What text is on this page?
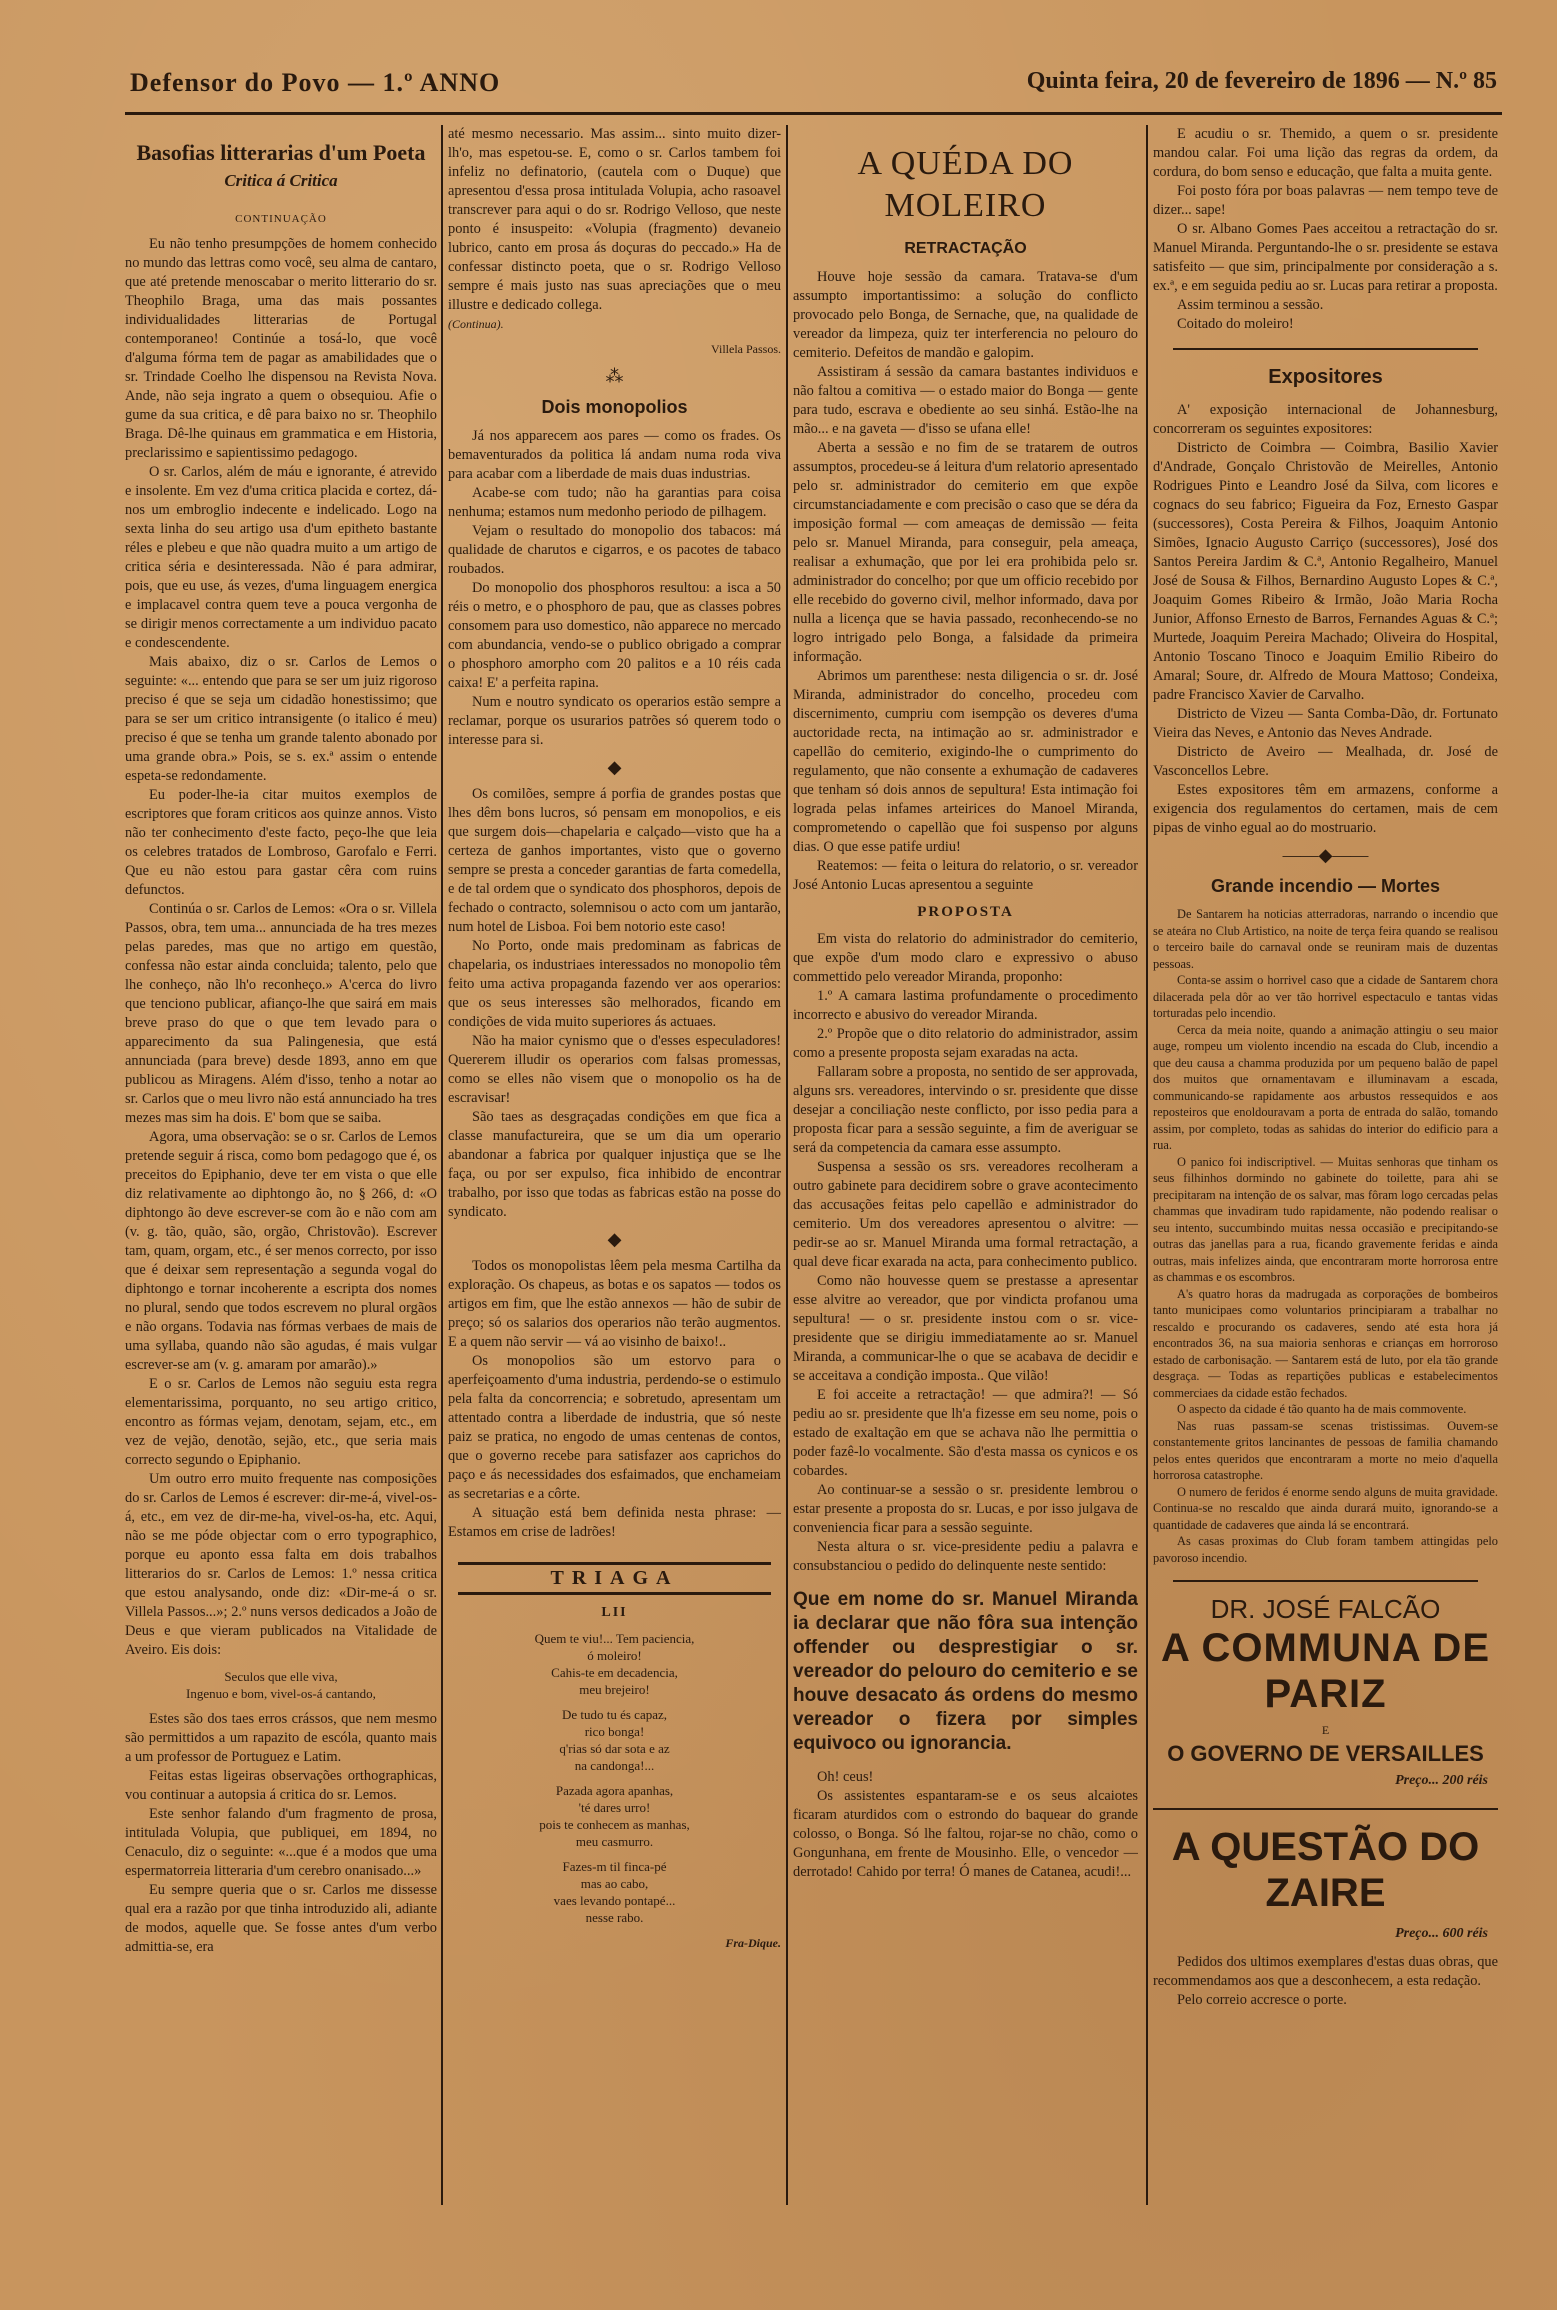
Defensor do Povo — 1.º ANNO	Quinta feira, 20 de fevereiro de 1896 — N.º 85
Basofias litterarias d'um Poeta
Critica á Critica
CONTINUAÇÃO

Eu não tenho presumpções de homem conhecido no mundo das lettras como você, seu alma de cantaro, que até pretende menoscabar o merito litterario do sr. Theophilo Braga, uma das mais possantes individualidades litterarias de Portugal contemporaneo! Continúe a tosá-lo, que você d'alguma fórma tem de pagar as amabilidades que o sr. Trindade Coelho lhe dispensou na Revista Nova. Ande, não seja ingrato a quem o obsequiou. Afie o gume da sua critica, e dê para baixo no sr. Theophilo Braga. Dê-lhe quinaus em grammatica e em Historia, preclarissimo e sapientissimo pedagogo.

O sr. Carlos, além de máu e ignorante, é atrevido e insolente. Em vez d'uma critica placida e cortez, dá-nos um embroglio indecente e indelicado. Logo na sexta linha do seu artigo usa d'um epitheto bastante réles e plebeu e que não quadra muito a um artigo de critica séria e desinteressada. Não é para admirar, pois, que eu use, ás vezes, d'uma linguagem energica e implacavel contra quem teve a pouca vergonha de se dirigir menos correctamente a um individuo pacato e condescendente.

Mais abaixo, diz o sr. Carlos de Lemos o seguinte: «... entendo que para se ser um juiz rigoroso preciso é que se seja um cidadão honestissimo; que para se ser um critico intransigente (o italico é meu) preciso é que se tenha um grande talento abonado por uma grande obra.» Pois, se s. ex.ª assim o entende espeta-se redondamente.

Eu poder-lhe-ia citar muitos exemplos de escriptores que foram criticos aos quinze annos. Visto não ter conhecimento d'este facto, peço-lhe que leia os celebres tratados de Lombroso, Garofalo e Ferri. Que eu não estou para gastar cêra com ruins defunctos.

Continúa o sr. Carlos de Lemos: «Ora o sr. Villela Passos, obra, tem uma... annunciada de ha tres mezes pelas paredes, mas que no artigo em questão, confessa não estar ainda concluida; talento, pelo que lhe conheço, não lh'o reconheço.» A'cerca do livro que tenciono publicar, afianço-lhe que sairá em mais breve praso do que o que tem levado para o apparecimento da sua Palingenesia, que está annunciada (para breve) desde 1893, anno em que publicou as Miragens. Além d'isso, tenho a notar ao sr. Carlos que o meu livro não está annunciado ha tres mezes mas sim ha dois. E' bom que se saiba.

Agora, uma observação: se o sr. Carlos de Lemos pretende seguir á risca, como bom pedagogo que é, os preceitos do Epiphanio, deve ter em vista o que elle diz relativamente ao diphtongo ão, no § 266, d: «O diphtongo ão deve escrever-se com ão e não com am (v. g. tão, quão, são, orgão, Christovão). Escrever tam, quam, orgam, etc., é ser menos correcto, por isso que é deixar sem representação a segunda vogal do diphtongo e tornar incoherente a escripta dos nomes no plural, sendo que todos escrevem no plural orgãos e não organs. Todavia nas fórmas verbaes de mais de uma syllaba, quando não são agudas, é mais vulgar escrever-se am (v. g. amaram por amarão).»

E o sr. Carlos de Lemos não seguiu esta regra elementarissima, porquanto, no seu artigo critico, encontro as fórmas vejam, denotam, sejam, etc., em vez de vejão, denotão, sejão, etc., que seria mais correcto segundo o Epiphanio.

Um outro erro muito frequente nas composições do sr. Carlos de Lemos é escrever: dir-me-á, vivel-os-á, etc., em vez de dir-me-ha, vivel-os-ha, etc. Aqui, não se me póde objectar com o erro typographico, porque eu aponto essa falta em dois trabalhos litterarios do sr. Carlos de Lemos: 1.º nessa critica que estou analysando, onde diz: «Dir-me-á o sr. Villela Passos...»; 2.º nuns versos dedicados a João de Deus e que vieram publicados na Vitalidade de Aveiro. Eis dois:

Seculos que elle viva,
Ingenuo e bom, vivel-os-á cantando,

Estes são dos taes erros crássos, que nem mesmo são permittidos a um rapazito de escóla, quanto mais a um professor de Portuguez e Latim.

Feitas estas ligeiras observações orthographicas, vou continuar a autopsia á critica do sr. Lemos.

Este senhor falando d'um fragmento de prosa, intitulada Volupia, que publiquei, em 1894, no Cenaculo, diz o seguinte: «...que é a modos que uma espermatorreia litteraria d'um cerebro onanisado...»

Eu sempre queria que o sr. Carlos me dissesse qual era a razão por que tinha introduzido ali, adiante de modos, aquelle que. Se fosse antes d'um verbo admittia-se, era

até mesmo necessario. Mas assim... sinto muito dizer-lh'o, mas espetou-se. E, como o sr. Carlos tambem foi infeliz no definatorio, (cautela com o Duque) que apresentou d'essa prosa intitulada Volupia, acho rasoavel transcrever para aqui o do sr. Rodrigo Velloso, que neste ponto é insuspeito: «Volupia (fragmento) devaneio lubrico, canto em prosa ás doçuras do peccado.» Ha de confessar distincto poeta, que o sr. Rodrigo Velloso sempre é mais justo nas suas apreciações que o meu illustre e dedicado collega.

(Continua).
Villela Passos.
⁂
Dois monopolios

Já nos apparecem aos pares — como os frades. Os bemaventurados da politica lá andam numa roda viva para acabar com a liberdade de mais duas industrias.

Acabe-se com tudo; não ha garantias para coisa nenhuma; estamos num medonho periodo de pilhagem.

Vejam o resultado do monopolio dos tabacos: má qualidade de charutos e cigarros, e os pacotes de tabaco roubados.

Do monopolio dos phosphoros resultou: a isca a 50 réis o metro, e o phosphoro de pau, que as classes pobres consomem para uso domestico, não apparece no mercado com abundancia, vendo-se o publico obrigado a comprar o phosphoro amorpho com 20 palitos e a 10 réis cada caixa! E' a perfeita rapina.

Num e noutro syndicato os operarios estão sempre a reclamar, porque os usurarios patrões só querem todo o interesse para si.

◆

Os comilões, sempre á porfia de grandes postas que lhes dêm bons lucros, só pensam em monopolios, e eis que surgem dois—chapelaria e calçado—visto que ha a certeza de ganhos importantes, visto que o governo sempre se presta a conceder garantias de farta comedella, e de tal ordem que o syndicato dos phosphoros, depois de fechado o contracto, solemnisou o acto com um jantarão, num hotel de Lisboa. Foi bem notorio este caso!

No Porto, onde mais predominam as fabricas de chapelaria, os industriaes interessados no monopolio têm feito uma activa propaganda fazendo ver aos operarios: que os seus interesses são melhorados, ficando em condições de vida muito superiores ás actuaes.

Não ha maior cynismo que o d'esses especuladores! Quererem illudir os operarios com falsas promessas, como se elles não visem que o monopolio os ha de escravisar!

São taes as desgraçadas condições em que fica a classe manufactureira, que se um dia um operario abandonar a fabrica por qualquer injustiça que se lhe faça, ou por ser expulso, fica inhibido de encontrar trabalho, por isso que todas as fabricas estão na posse do syndicato.

◆

Todos os monopolistas lêem pela mesma Cartilha da exploração. Os chapeus, as botas e os sapatos — todos os artigos em fim, que lhe estão annexos — hão de subir de preço; só os salarios dos operarios não terão augmentos. E a quem não servir — vá ao visinho de baixo!..

Os monopolios são um estorvo para o aperfeiçoamento d'uma industria, perdendo-se o estimulo pela falta da concorrencia; e sobretudo, apresentam um attentado contra a liberdade de industria, que só neste paiz se pratica, no engodo de umas centenas de contos, que o governo recebe para satisfazer aos caprichos do paço e ás necessidades dos esfaimados, que enchameiam as secretarias e a côrte.

A situação está bem definida nesta phrase: — Estamos em crise de ladrões!

TRIAGA
LII
Quem te viu!... Tem paciencia,
ó moleiro!
Cahis-te em decadencia,
meu brejeiro!
De tudo tu és capaz,
rico bonga!
q'rias só dar sota e az
na candonga!...
Pazada agora apanhas,
'té dares urro!
pois te conhecem as manhas,
meu casmurro.
Fazes-m til finca-pé
mas ao cabo,
vaes levando pontapé...
nesse rabo.
Fra-Dique.
A QUÉDA DO MOLEIRO
RETRACTAÇÃO

Houve hoje sessão da camara. Tratava-se d'um assumpto importantissimo: a solução do conflicto provocado pelo Bonga, de Sernache, que, na qualidade de vereador da limpeza, quiz ter interferencia no pelouro do cemiterio. Defeitos de mandão e galopim.

Assistiram á sessão da camara bastantes individuos e não faltou a comitiva — o estado maior do Bonga — gente para tudo, escrava e obediente ao seu sinhá. Estão-lhe na mão... e na gaveta — d'isso se ufana elle!

Aberta a sessão e no fim de se tratarem de outros assumptos, procedeu-se á leitura d'um relatorio apresentado pelo sr. administrador do cemiterio em que expõe circumstanciadamente e com precisão o caso que se déra da imposição formal — com ameaças de demissão — feita pelo sr. Manuel Miranda, para conseguir, pela ameaça, realisar a exhumação, que por lei era prohibida pelo sr. administrador do concelho; por que um officio recebido por elle recebido do governo civil, melhor informado, dava por nulla a licença que se havia passado, reconhecendo-se no logro intrigado pelo Bonga, a falsidade da primeira informação.

Abrimos um parenthese: nesta diligencia o sr. dr. José Miranda, administrador do concelho, procedeu com discernimento, cumpriu com isempção os deveres d'uma auctoridade recta, na intimação ao sr. administrador e capellão do cemiterio, exigindo-lhe o cumprimento do regulamento, que não consente a exhumação de cadaveres que tenham só dois annos de sepultura! Esta intimação foi lograda pelas infames arteirices do Manoel Miranda, comprometendo o capellão que foi suspenso por alguns dias. O que esse patife urdiu!

Reatemos: — feita o leitura do relatorio, o sr. vereador José Antonio Lucas apresentou a seguinte

PROPOSTA

Em vista do relatorio do administrador do cemiterio, que expõe d'um modo claro e expressivo o abuso commettido pelo vereador Miranda, proponho:

1.º A camara lastima profundamente o procedimento incorrecto e abusivo do vereador Miranda.

2.º Propõe que o dito relatorio do administrador, assim como a presente proposta sejam exaradas na acta.

Fallaram sobre a proposta, no sentido de ser approvada, alguns srs. vereadores, intervindo o sr. presidente que disse desejar a conciliação neste conflicto, por isso pedia para a proposta ficar para a sessão seguinte, a fim de averiguar se será da competencia da camara esse assumpto.

Suspensa a sessão os srs. vereadores recolheram a outro gabinete para decidirem sobre o grave acontecimento das accusações feitas pelo capellão e administrador do cemiterio. Um dos vereadores apresentou o alvitre: — pedir-se ao sr. Manuel Miranda uma formal retractação, a qual deve ficar exarada na acta, para conhecimento publico.

Como não houvesse quem se prestasse a apresentar esse alvitre ao vereador, que por vindicta profanou uma sepultura! — o sr. presidente instou com o sr. vice-presidente que se dirigiu immediatamente ao sr. Manuel Miranda, a communicar-lhe o que se acabava de decidir e se acceitava a condição imposta.. Que vilão!

E foi acceite a retractação! — que admira?! — Só pediu ao sr. presidente que lh'a fizesse em seu nome, pois o estado de exaltação em que se achava não lhe permittia o poder fazê-lo vocalmente. São d'esta massa os cynicos e os cobardes.

Ao continuar-se a sessão o sr. presidente lembrou o estar presente a proposta do sr. Lucas, e por isso julgava de conveniencia ficar para a sessão seguinte.

Nesta altura o sr. vice-presidente pediu a palavra e consubstanciou o pedido do delinquente neste sentido:

Que em nome do sr. Manuel Miranda ia declarar que não fôra sua intenção offender ou desprestigiar o sr. vereador do pelouro do cemiterio e se houve desacato ás ordens do mesmo vereador o fizera por simples equivoco ou ignorancia.

Oh! ceus!

Os assistentes espantaram-se e os seus alcaiotes ficaram aturdidos com o estrondo do baquear do grande colosso, o Bonga. Só lhe faltou, rojar-se no chão, como o Gongunhana, em frente de Mousinho. Elle, o vencedor — derrotado! Cahido por terra! Ó manes de Catanea, acudi!...

E acudiu o sr. Themido, a quem o sr. presidente mandou calar. Foi uma lição das regras da ordem, da cordura, do bom senso e educação, que falta a muita gente.

Foi posto fóra por boas palavras — nem tempo teve de dizer... sape!

O sr. Albano Gomes Paes acceitou a retractação do sr. Manuel Miranda. Perguntando-lhe o sr. presidente se estava satisfeito — que sim, principalmente por consideração a s. ex.ª, e em seguida pediu ao sr. Lucas para retirar a proposta.

Assim terminou a sessão.

Coitado do moleiro!

Expositores

A' exposição internacional de Johannesburg, concorreram os seguintes expositores:

Districto de Coimbra — Coimbra, Basilio Xavier d'Andrade, Gonçalo Christovão de Meirelles, Antonio Rodrigues Pinto e Leandro José da Silva, com licores e cognacs do seu fabrico; Figueira da Foz, Ernesto Gaspar (successores), Costa Pereira & Filhos, Joaquim Antonio Simões, Ignacio Augusto Carriço (successores), José dos Santos Pereira Jardim & C.ª, Antonio Regalheiro, Manuel José de Sousa & Filhos, Bernardino Augusto Lopes & C.ª, Joaquim Gomes Ribeiro & Irmão, João Maria Rocha Junior, Affonso Ernesto de Barros, Fernandes Aguas & C.ª; Murtede, Joaquim Pereira Machado; Oliveira do Hospital, Antonio Toscano Tinoco e Joaquim Emilio Ribeiro do Amaral; Soure, dr. Alfredo de Moura Mattoso; Condeixa, padre Francisco Xavier de Carvalho.

Districto de Vizeu — Santa Comba-Dão, dr. Fortunato Vieira das Neves, e Antonio das Neves Andrade.

Districto de Aveiro — Mealhada, dr. José de Vasconcellos Lebre.

Estes expositores têm em armazens, conforme a exigencia dos regulamentos do certamen, mais de cem pipas de vinho egual ao do mostruario.

——◆——
Grande incendio — Mortes

De Santarem ha noticias atterradoras, narrando o incendio que se ateára no Club Artistico, na noite de terça feira quando se realisou o terceiro baile do carnaval onde se reuniram mais de duzentas pessoas.

Conta-se assim o horrivel caso que a cidade de Santarem chora dilacerada pela dôr ao ver tão horrivel espectaculo e tantas vidas torturadas pelo incendio.

Cerca da meia noite, quando a animação attingiu o seu maior auge, rompeu um violento incendio na escada do Club, incendio a que deu causa a chamma produzida por um pequeno balão de papel dos muitos que ornamentavam e illuminavam a escada, communicando-se rapidamente aos arbustos ressequidos e aos reposteiros que enoldouravam a porta de entrada do salão, tomando assim, por completo, todas as sahidas do interior do edificio para a rua.

O panico foi indiscriptivel. — Muitas senhoras que tinham os seus filhinhos dormindo no gabinete do toilette, para ahi se precipitaram na intenção de os salvar, mas fôram logo cercadas pelas chammas que invadiram tudo rapidamente, não podendo realisar o seu intento, succumbindo muitas nessa occasião e precipitando-se outras das janellas para a rua, ficando gravemente feridas e ainda outras, mais infelizes ainda, que encontraram morte horrorosa entre as chammas e os escombros.

A's quatro horas da madrugada as corporações de bombeiros tanto municipaes como voluntarios principiaram a trabalhar no rescaldo e procurando os cadaveres, sendo até esta hora já encontrados 36, na sua maioria senhoras e crianças em horroroso estado de carbonisação. — Santarem está de luto, por ela tão grande desgraça. — Todas as repartições publicas e estabelecimentos commerciaes da cidade estão fechados.

O aspecto da cidade é tão quanto ha de mais commovente.

Nas ruas passam-se scenas tristissimas. Ouvem-se constantemente gritos lancinantes de pessoas de familia chamando pelos entes queridos que encontraram a morte no meio d'aquella horrorosa catastrophe.

O numero de feridos é enorme sendo alguns de muita gravidade. Continua-se no rescaldo que ainda durará muito, ignorando-se a quantidade de cadaveres que ainda lá se encontrará.

As casas proximas do Club foram tambem attingidas pelo pavoroso incendio.

DR. JOSÉ FALCÃO
A COMMUNA DE PARIZ
E
O GOVERNO DE VERSAILLES
Preço... 200 réis
A QUESTÃO DO ZAIRE
Preço... 600 réis

Pedidos dos ultimos exemplares d'estas duas obras, que recommendamos aos que a desconhecem, a esta redação.

Pelo correio accresce o porte.
